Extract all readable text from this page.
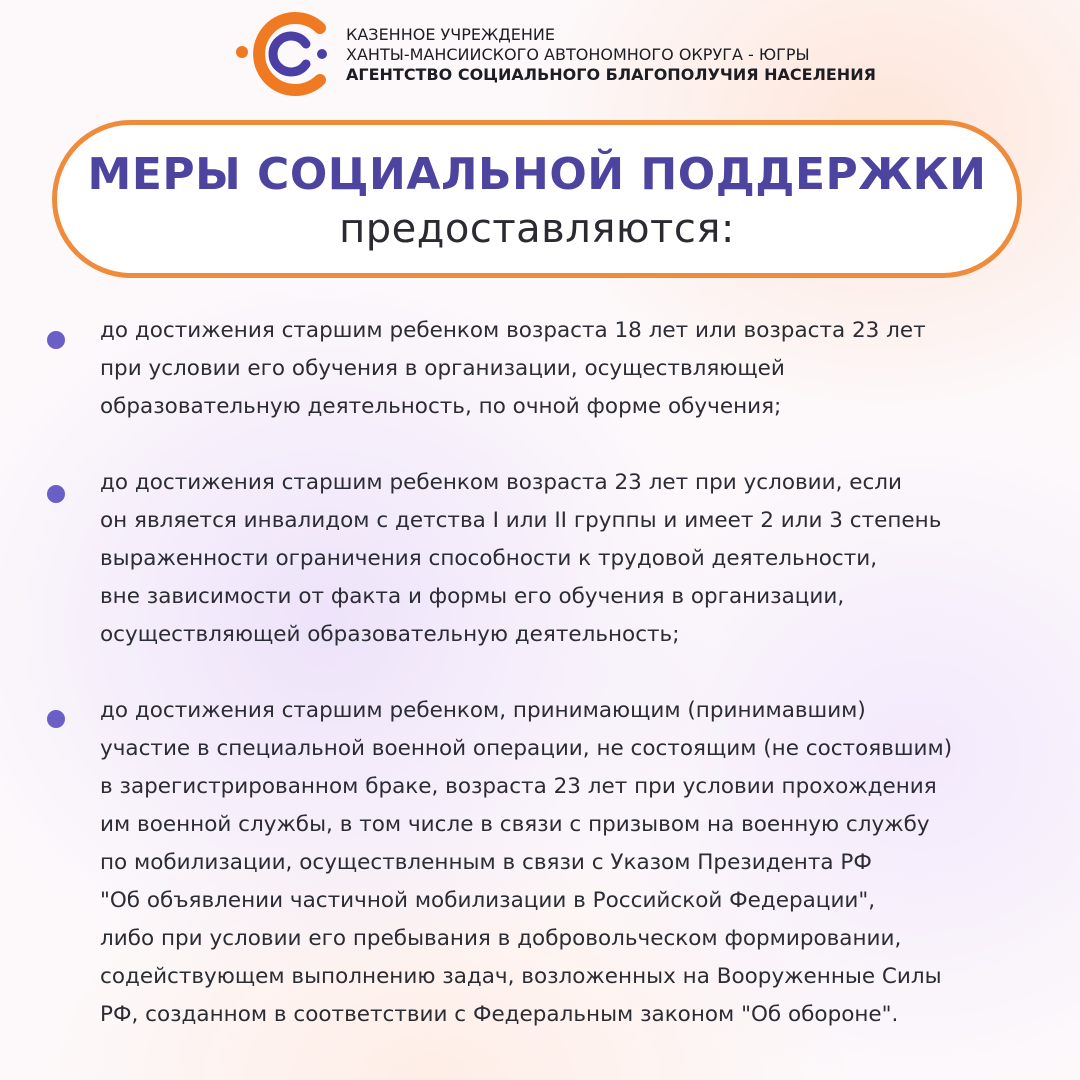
КАЗЕННОЕ УЧРЕЖДЕНИЕ
ХАНТЫ-МАНСИИСКОГО АВТОНОМНОГО ОКРУГА - ЮГРЫ
АГЕНТСТВО СОЦИАЛЬНОГО БЛАГОПОЛУЧИЯ НАСЕЛЕНИЯ
МЕРЫ СОЦИАЛЬНОЙ ПОДДЕРЖКИ
предоставляются:
до достижения старшим ребенком возраста 18 лет или возраста 23 лет
при условии его обучения в организации, осуществляющей
образовательную деятельность, по очной форме обучения;
до достижения старшим ребенком возраста 23 лет при условии, если
он является инвалидом с детства I или II группы и имеет 2 или 3 степень
выраженности ограничения способности к трудовой деятельности,
вне зависимости от факта и формы его обучения в организации,
осуществляющей образовательную деятельность;
до достижения старшим ребенком, принимающим (принимавшим)
участие в специальной военной операции, не состоящим (не состоявшим)
в зарегистрированном браке, возраста 23 лет при условии прохождения
им военной службы, в том числе в связи с призывом на военную службу
по мобилизации, осуществленным в связи с Указом Президента РФ
"Об объявлении частичной мобилизации в Российской Федерации",
либо при условии его пребывания в добровольческом формировании,
содействующем выполнению задач, возложенных на Вооруженные Силы
РФ, созданном в соответствии с Федеральным законом "Об обороне".
